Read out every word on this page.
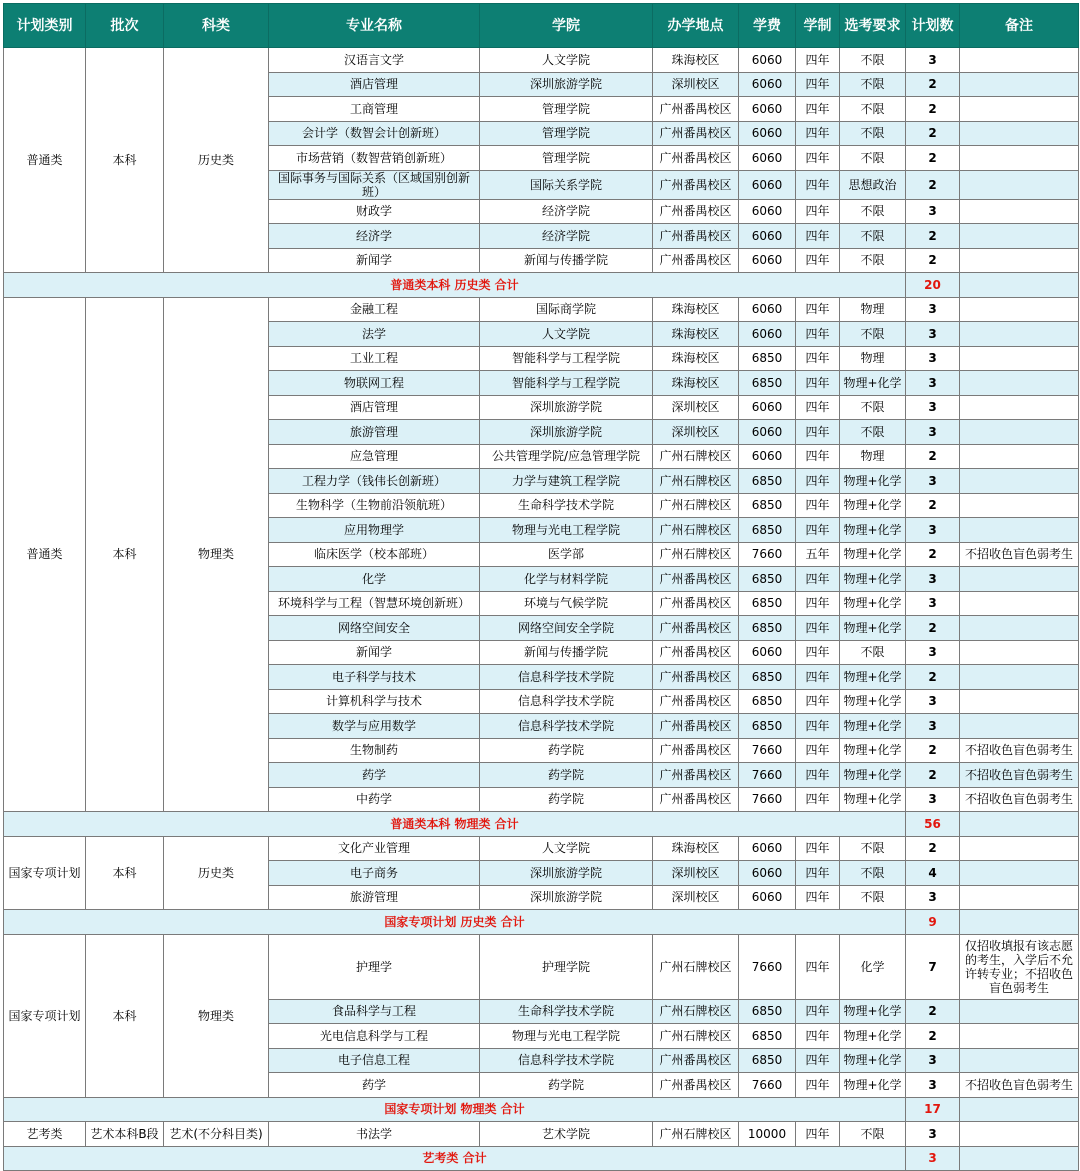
计划类别	批次	科类	专业名称	学院	办学地点	学费	学制	选考要求	计划数	备注
普通类	本科	历史类	汉语言文学	人文学院	珠海校区	6060	四年	不限	3	
			酒店管理	深圳旅游学院	深圳校区	6060	四年	不限	2	
			工商管理	管理学院	广州番禺校区	6060	四年	不限	2	
			会计学（数智会计创新班）	管理学院	广州番禺校区	6060	四年	不限	2	
			市场营销（数智营销创新班）	管理学院	广州番禺校区	6060	四年	不限	2	
			国际事务与国际关系（区域国别创新班）	国际关系学院	广州番禺校区	6060	四年	思想政治	2	
			财政学	经济学院	广州番禺校区	6060	四年	不限	3	
			经济学	经济学院	广州番禺校区	6060	四年	不限	2	
			新闻学	新闻与传播学院	广州番禺校区	6060	四年	不限	2	
普通类本科 历史类 合计									20	
普通类	本科	物理类	金融工程	国际商学院	珠海校区	6060	四年	物理	3	
			法学	人文学院	珠海校区	6060	四年	不限	3	
			工业工程	智能科学与工程学院	珠海校区	6850	四年	物理	3	
			物联网工程	智能科学与工程学院	珠海校区	6850	四年	物理+化学	3	
			酒店管理	深圳旅游学院	深圳校区	6060	四年	不限	3	
			旅游管理	深圳旅游学院	深圳校区	6060	四年	不限	3	
			应急管理	公共管理学院/应急管理学院	广州石牌校区	6060	四年	物理	2	
			工程力学（钱伟长创新班）	力学与建筑工程学院	广州石牌校区	6850	四年	物理+化学	3	
			生物科学（生物前沿领航班）	生命科学技术学院	广州石牌校区	6850	四年	物理+化学	2	
			应用物理学	物理与光电工程学院	广州石牌校区	6850	四年	物理+化学	3	
			临床医学（校本部班）	医学部	广州石牌校区	7660	五年	物理+化学	2	不招收色盲色弱考生
			化学	化学与材料学院	广州番禺校区	6850	四年	物理+化学	3	
			环境科学与工程（智慧环境创新班）	环境与气候学院	广州番禺校区	6850	四年	物理+化学	3	
			网络空间安全	网络空间安全学院	广州番禺校区	6850	四年	物理+化学	2	
			新闻学	新闻与传播学院	广州番禺校区	6060	四年	不限	3	
			电子科学与技术	信息科学技术学院	广州番禺校区	6850	四年	物理+化学	2	
			计算机科学与技术	信息科学技术学院	广州番禺校区	6850	四年	物理+化学	3	
			数学与应用数学	信息科学技术学院	广州番禺校区	6850	四年	物理+化学	3	
			生物制药	药学院	广州番禺校区	7660	四年	物理+化学	2	不招收色盲色弱考生
			药学	药学院	广州番禺校区	7660	四年	物理+化学	2	不招收色盲色弱考生
			中药学	药学院	广州番禺校区	7660	四年	物理+化学	3	不招收色盲色弱考生
普通类本科 物理类 合计									56	
国家专项计划	本科	历史类	文化产业管理	人文学院	珠海校区	6060	四年	不限	2	
			电子商务	深圳旅游学院	深圳校区	6060	四年	不限	4	
			旅游管理	深圳旅游学院	深圳校区	6060	四年	不限	3	
国家专项计划 历史类 合计									9	
国家专项计划	本科	物理类	护理学	护理学院	广州石牌校区	7660	四年	化学	7	仅招收填报有该志愿的考生，入学后不允许转专业；不招收色盲色弱考生
			食品科学与工程	生命科学技术学院	广州石牌校区	6850	四年	物理+化学	2	
			光电信息科学与工程	物理与光电工程学院	广州石牌校区	6850	四年	物理+化学	2	
			电子信息工程	信息科学技术学院	广州番禺校区	6850	四年	物理+化学	3	
			药学	药学院	广州番禺校区	7660	四年	物理+化学	3	不招收色盲色弱考生
国家专项计划 物理类 合计									17	
艺考类	艺术本科B段	艺术(不分科目类)	书法学	艺术学院	广州石牌校区	10000	四年	不限	3	
艺考类 合计									3	
